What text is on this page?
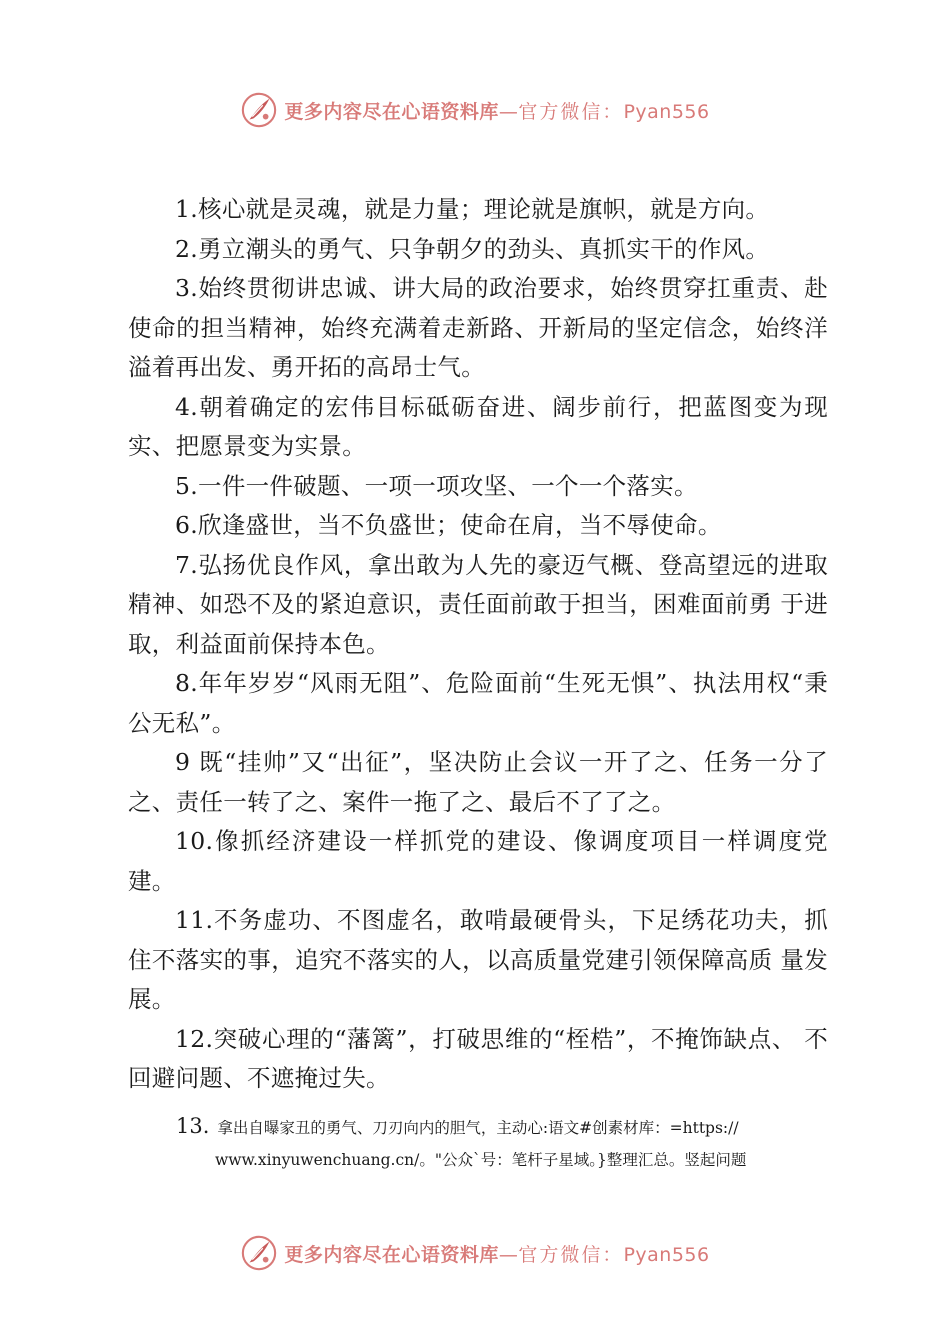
更多内容尽在心语资料库—官方微信：Pyan556

1.核心就是灵魂，就是力量；理论就是旗帜，就是方向。

2.勇立潮头的勇气、只争朝夕的劲头、真抓实干的作风。

3.始终贯彻讲忠诚、讲大局的政治要求，始终贯穿扛重责、赴使命的担当精神，始终充满着走新路、开新局的坚定信念，始终洋溢着再出发、勇开拓的高昂士气。

4.朝着确定的宏伟目标砥砺奋进、阔步前行，把蓝图变为现实、把愿景变为实景。

5.一件一件破题、一项一项攻坚、一个一个落实。

6.欣逢盛世，当不负盛世；使命在肩，当不辱使命。

7.弘扬优良作风，拿出敢为人先的豪迈气概、登高望远的进取精神、如恐不及的紧迫意识，责任面前敢于担当，困难面前勇 于进取，利益面前保持本色。

8.年年岁岁“风雨无阻”、危险面前“生死无惧”、执法用权“秉公无私”。

9 既“挂帅”又“出征”，坚决防止会议一开了之、任务一分了之、责任一转了之、案件一拖了之、最后不了了之。

10.像抓经济建设一样抓党的建设、像调度项目一样调度党建。

11.不务虚功、不图虚名，敢啃最硬骨头，下足绣花功夫，抓住不落实的事，追究不落实的人，以高质量党建引领保障高质 量发展。

12.突破心理的“藩篱”，打破思维的“桎梏”，不掩饰缺点、 不回避问题、不遮掩过失。

13. 拿出自曝家丑的勇气、刀刃向内的胆气，主动心:语文#创素材库：=https://
www.xinyuwenchuang.cn/。"公众`号：笔杆子星域。}整理汇总。竖起问题
更多内容尽在心语资料库—官方微信：Pyan556
